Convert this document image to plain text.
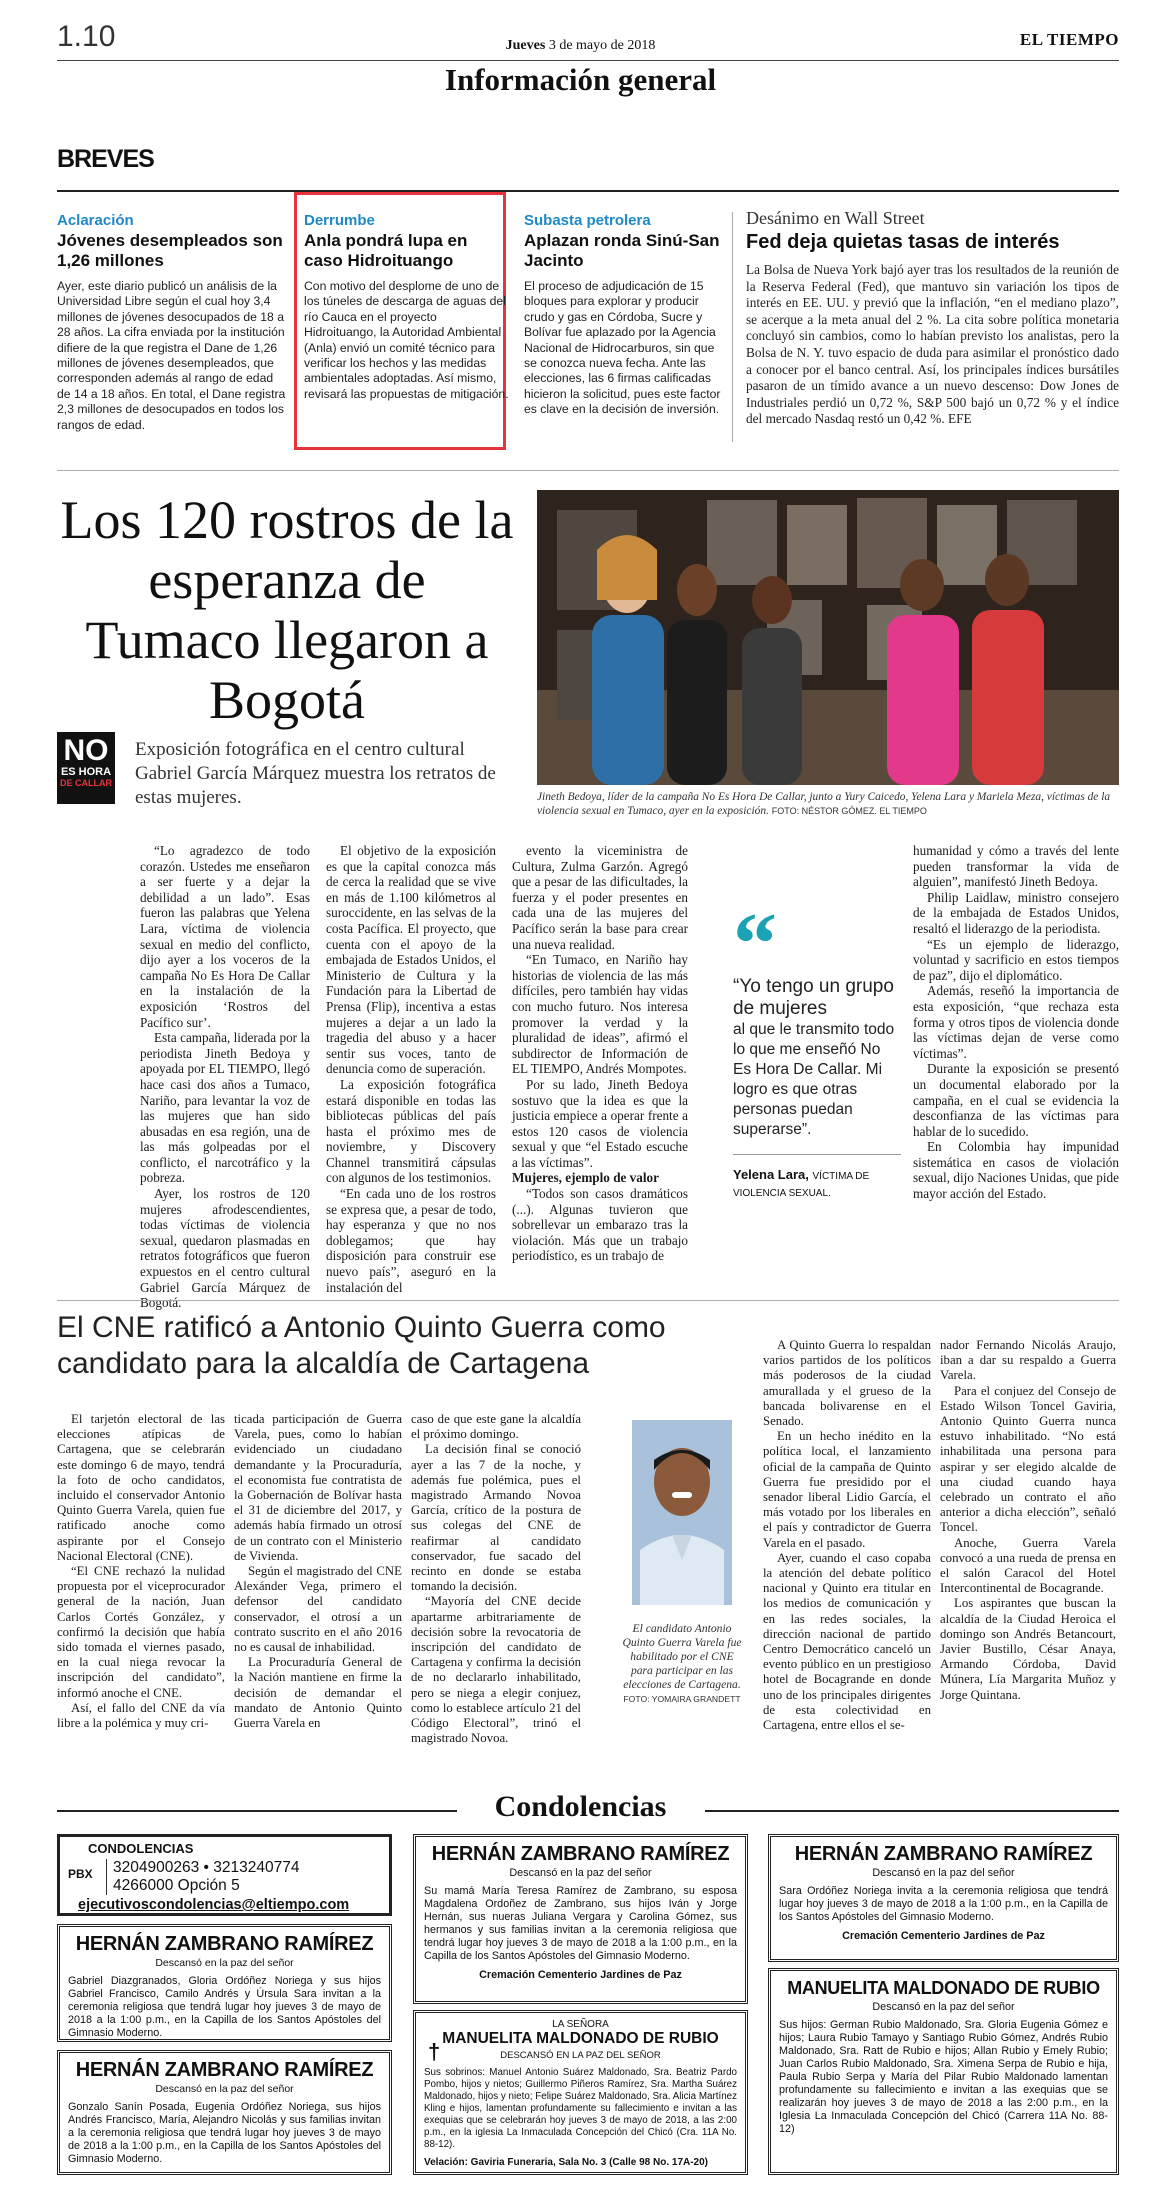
1.10	Jueves 3 de mayo de 2018	EL TIEMPO
Información general
BREVES
Aclaración
Jóvenes desempleados son 1,26 millones
Ayer, este diario publicó un análisis de la Universidad Libre según el cual hoy 3,4 millones de jóvenes desocupados de 18 a 28 años. La cifra enviada por la institución difiere de la que registra el Dane de 1,26 millones de jóvenes desempleados, que corresponden además al rango de edad de 14 a 18 años. En total, el Dane registra 2,3 millones de desocupados en todos los rangos de edad.
Derrumbe
Anla pondrá lupa en caso Hidroituango
Con motivo del desplome de uno de los túneles de descarga de aguas del río Cauca en el proyecto Hidroituango, la Autoridad Ambiental (Anla) envió un comité técnico para verificar los hechos y las medidas ambientales adoptadas. Así mismo, revisará las propuestas de mitigación.
Subasta petrolera
Aplazan ronda Sinú-San Jacinto
El proceso de adjudicación de 15 bloques para explorar y producir crudo y gas en Córdoba, Sucre y Bolívar fue aplazado por la Agencia Nacional de Hidrocarburos, sin que se conozca nueva fecha. Ante las elecciones, las 6 firmas calificadas hicieron la solicitud, pues este factor es clave en la decisión de inversión.
Desánimo en Wall Street
Fed deja quietas tasas de interés
La Bolsa de Nueva York bajó ayer tras los resultados de la reunión de la Reserva Federal (Fed), que mantuvo sin variación los tipos de interés en EE. UU. y previó que la inflación, “en el mediano plazo”, se acerque a la meta anual del 2 %. La cita sobre política monetaria concluyó sin cambios, como lo habían previsto los analistas, pero la Bolsa de N. Y. tuvo espacio de duda para asimilar el pronóstico dado a conocer por el banco central. Así, los principales índices bursátiles pasaron de un tímido avance a un nuevo descenso: Dow Jones de Industriales perdió un 0,72 %, S&P 500 bajó un 0,72 % y el índice del mercado Nasdaq restó un 0,42 %. EFE
Los 120 rostros de la esperanza de Tumaco llegaron a Bogotá
NO
ES HORA
DE CALLAR
Exposición fotográfica en el centro cultural Gabriel García Márquez muestra los retratos de estas mujeres.	Jineth Bedoya, líder de la campaña No Es Hora De Callar, junto a Yury Caicedo, Yelena Lara y Mariela Meza, víctimas de la violencia sexual en Tumaco, ayer en la exposición. FOTO: NÉSTOR GÓMEZ. EL TIEMPO

“Lo agradezco de todo corazón. Ustedes me enseñaron a ser fuerte y a dejar la debilidad a un lado”. Esas fueron las palabras que Yelena Lara, víctima de violencia sexual en medio del conflicto, dijo ayer a los voceros de la campaña No Es Hora De Callar en la instalación de la exposición ‘Rostros del Pacífico sur’.

Esta campaña, liderada por la periodista Jineth Bedoya y apoyada por EL TIEMPO, llegó hace casi dos años a Tumaco, Nariño, para levantar la voz de las mujeres que han sido abusadas en esa región, una de las más golpeadas por el conflicto, el narcotráfico y la pobreza.

Ayer, los rostros de 120 mujeres afrodescendientes, todas víctimas de violencia sexual, quedaron plasmadas en retratos fotográficos que fueron expuestos en el centro cultural Gabriel García Márquez de Bogotá.

El objetivo de la exposición es que la capital conozca más de cerca la realidad que se vive en más de 1.100 kilómetros al suroccidente, en las selvas de la costa Pacífica. El proyecto, que cuenta con el apoyo de la embajada de Estados Unidos, el Ministerio de Cultura y la Fundación para la Libertad de Prensa (Flip), incentiva a estas mujeres a dejar a un lado la tragedia del abuso y a hacer sentir sus voces, tanto de denuncia como de superación.

La exposición fotográfica estará disponible en todas las bibliotecas públicas del país hasta el próximo mes de noviembre, y Discovery Channel transmitirá cápsulas con algunos de los testimonios.

“En cada uno de los rostros se expresa que, a pesar de todo, hay esperanza y que no nos doblegamos; que hay disposición para construir ese nuevo país”, aseguró en la instalación del

evento la viceministra de Cultura, Zulma Garzón. Agregó que a pesar de las dificultades, la fuerza y el poder presentes en cada una de las mujeres del Pacífico serán la base para crear una nueva realidad.

“En Tumaco, en Nariño hay historias de violencia de las más difíciles, pero también hay vidas con mucho futuro. Nos interesa promover la verdad y la pluralidad de ideas”, afirmó el subdirector de Información de EL TIEMPO, Andrés Mompotes.

Por su lado, Jineth Bedoya sostuvo que la idea es que la justicia empiece a operar frente a estos 120 casos de violencia sexual y que “el Estado escuche a las víctimas”.

Mujeres, ejemplo de valor

“Todos son casos dramáticos (...). Algunas tuvieron que sobrellevar un embarazo tras la violación. Más que un trabajo periodístico, es un trabajo de

“
“Yo tengo un grupo de mujeres
al que le transmito todo lo que me enseñó No Es Hora De Callar. Mi logro es que otras personas puedan superarse”.
Yelena Lara, VÍCTIMA DE VIOLENCIA SEXUAL.

humanidad y cómo a través del lente pueden transformar la vida de alguien”, manifestó Jineth Bedoya.

Philip Laidlaw, ministro consejero de la embajada de Estados Unidos, resaltó el liderazgo de la periodista.

“Es un ejemplo de liderazgo, voluntad y sacrificio en estos tiempos de paz”, dijo el diplomático.

Además, reseñó la importancia de esta exposición, “que rechaza esta forma y otros tipos de violencia donde las víctimas dejan de verse como víctimas”.

Durante la exposición se presentó un documental elaborado por la campaña, en el cual se evidencia la desconfianza de las víctimas para hablar de lo sucedido.

En Colombia hay impunidad sistemática en casos de violación sexual, dijo Naciones Unidas, que pide mayor acción del Estado.

El CNE ratificó a Antonio Quinto Guerra como candidato para la alcaldía de Cartagena

El tarjetón electoral de las elecciones atípicas de Cartagena, que se celebrarán este domingo 6 de mayo, tendrá la foto de ocho candidatos, incluido el conservador Antonio Quinto Guerra Varela, quien fue ratificado anoche como aspirante por el Consejo Nacional Electoral (CNE).

“El CNE rechazó la nulidad propuesta por el viceprocurador general de la nación, Juan Carlos Cortés González, y confirmó la decisión que había sido tomada el viernes pasado, en la cual niega revocar la inscripción del candidato”, informó anoche el CNE.

Así, el fallo del CNE da vía libre a la polémica y muy cri-

ticada participación de Guerra Varela, pues, como lo habían evidenciado un ciudadano demandante y la Procuraduría, el economista fue contratista de la Gobernación de Bolívar hasta el 31 de diciembre del 2017, y además había firmado un otrosí de un contrato con el Ministerio de Vivienda.

Según el magistrado del CNE Alexánder Vega, primero el defensor del candidato conservador, el otrosí a un contrato suscrito en el año 2016 no es causal de inhabilidad.

La Procuraduría General de la Nación mantiene en firme la decisión de demandar el mandato de Antonio Quinto Guerra Varela en

caso de que este gane la alcaldía el próximo domingo.

La decisión final se conoció ayer a las 7 de la noche, y además fue polémica, pues el magistrado Armando Novoa García, crítico de la postura de sus colegas del CNE de reafirmar al candidato conservador, fue sacado del recinto en donde se estaba tomando la decisión.

“Mayoría del CNE decide apartarme arbitrariamente de decisión sobre la revocatoria de inscripción del candidato de Cartagena y confirma la decisión de no declararlo inhabilitado, pero se niega a elegir conjuez, como lo establece artículo 21 del Código Electoral”, trinó el magistrado Novoa.

El candidato Antonio Quinto Guerra Varela fue habilitado por el CNE para participar en las elecciones de Cartagena.
FOTO: YOMAIRA GRANDETT

A Quinto Guerra lo respaldan varios partidos de los políticos más poderosos de la ciudad amurallada y el grueso de la bancada bolivarense en el Senado.

En un hecho inédito en la política local, el lanzamiento oficial de la campaña de Quinto Guerra fue presidido por el senador liberal Lidio García, el más votado por los liberales en el país y contradictor de Guerra Varela en el pasado.

Ayer, cuando el caso copaba la atención del debate político nacional y Quinto era titular en los medios de comunicación y en las redes sociales, la dirección nacional de partido Centro Democrático canceló un evento público en un prestigioso hotel de Bocagrande en donde uno de los principales dirigentes de esta colectividad en Cartagena, entre ellos el se-

nador Fernando Nicolás Araujo, iban a dar su respaldo a Guerra Varela.

Para el conjuez del Consejo de Estado Wilson Toncel Gaviria, Antonio Quinto Guerra nunca estuvo inhabilitado. “No está inhabilitada una persona para aspirar y ser elegido alcalde de una ciudad cuando haya celebrado un contrato el año anterior a dicha elección”, señaló Toncel.

Anoche, Guerra Varela convocó a una rueda de prensa en el salón Caracol del Hotel Intercontinental de Bocagrande.

Los aspirantes que buscan la alcaldía de la Ciudad Heroica el domingo son Andrés Betancourt, Javier Bustillo, César Anaya, Armando Córdoba, David Múnera, Lía Margarita Muñoz y Jorge Quintana.

Condolencias
CONDOLENCIAS
PBX 3204900263 • 3213240774
4266000 Opción 5
ejecutivoscondolencias@eltiempo.com
HERNÁN ZAMBRANO RAMÍREZ
Descansó en la paz del señor
Gabriel Diazgranados, Gloria Ordóñez Noriega y sus hijos Gabriel Francisco, Camilo Andrés y Úrsula Sara invitan a la ceremonia religiosa que tendrá lugar hoy jueves 3 de mayo de 2018 a la 1:00 p.m., en la Capilla de los Santos Apóstoles del Gimnasio Moderno.
HERNÁN ZAMBRANO RAMÍREZ
Descansó en la paz del señor
Gonzalo Sanín Posada, Eugenia Ordóñez Noriega, sus hijos Andrés Francisco, María, Alejandro Nicolás y sus familias invitan a la ceremonia religiosa que tendrá lugar hoy jueves 3 de mayo de 2018 a la 1:00 p.m., en la Capilla de los Santos Apóstoles del Gimnasio Moderno.
HERNÁN ZAMBRANO RAMÍREZ
Descansó en la paz del señor
Su mamá María Teresa Ramírez de Zambrano, su esposa Magdalena Ordoñez de Zambrano, sus hijos Iván y Jorge Hernán, sus nueras Juliana Vergara y Carolina Gómez, sus hermanos y sus familias invitan a la ceremonia religiosa que tendrá lugar hoy jueves 3 de mayo de 2018 a la 1:00 p.m., en la Capilla de los Santos Apóstoles del Gimnasio Moderno.
Cremación Cementerio Jardines de Paz
†
LA SEÑORA
MANUELITA MALDONADO DE RUBIO
DESCANSÓ EN LA PAZ DEL SEÑOR
Sus sobrinos: Manuel Antonio Suárez Maldonado, Sra. Beatriz Pardo Pombo, hijos y nietos; Guillermo Piñeros Ramírez, Sra. Martha Suárez Maldonado, hijos y nieto; Felipe Suárez Maldonado, Sra. Alicia Martínez Kling e hijos, lamentan profundamente su fallecimiento e invitan a las exequias que se celebrarán hoy jueves 3 de mayo de 2018, a las 2:00 p.m., en la iglesia La Inmaculada Concepción del Chicó (Cra. 11A No. 88-12).
Velación: Gaviria Funeraria, Sala No. 3 (Calle 98 No. 17A-20)
HERNÁN ZAMBRANO RAMÍREZ
Descansó en la paz del señor
Sara Ordóñez Noriega invita a la ceremonia religiosa que tendrá lugar hoy jueves 3 de mayo de 2018 a la 1:00 p.m., en la Capilla de los Santos Apóstoles del Gimnasio Moderno.
Cremación Cementerio Jardines de Paz
MANUELITA MALDONADO DE RUBIO
Descansó en la paz del señor
Sus hijos: German Rubio Maldonado, Sra. Gloria Eugenia Gómez e hijos; Laura Rubio Tamayo y Santiago Rubio Gómez, Andrés Rubio Maldonado, Sra. Ratt de Rubio e hijos; Allan Rubio y Emely Rubio; Juan Carlos Rubio Maldonado, Sra. Ximena Serpa de Rubio e hija, Paula Rubio Serpa y María del Pilar Rubio Maldonado lamentan profundamente su fallecimiento e invitan a las exequias que se realizarán hoy jueves 3 de mayo de 2018 a las 2:00 p.m., en la Iglesia La Inmaculada Concepción del Chicó (Carrera 11A No. 88-12)
